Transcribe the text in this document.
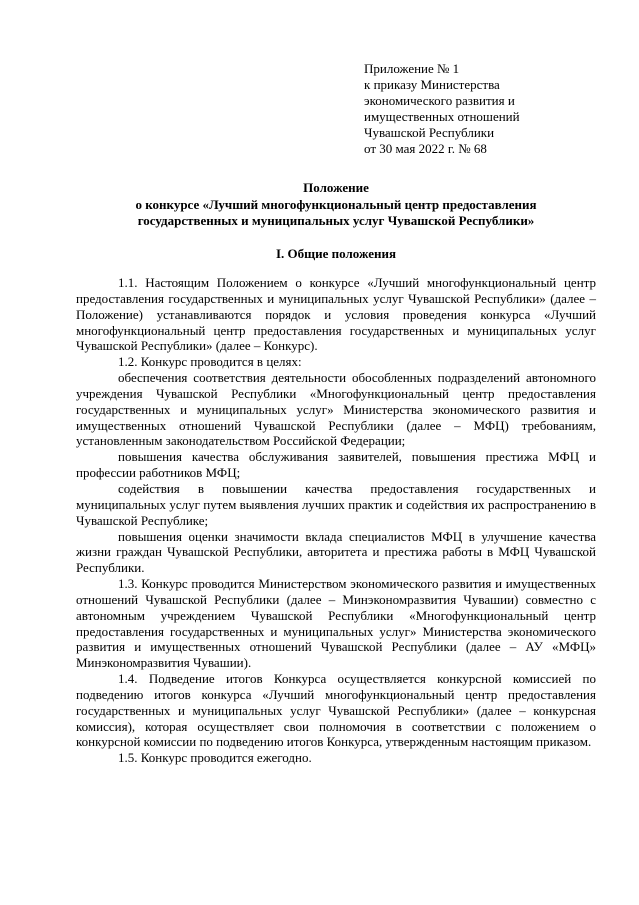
Приложение № 1
к приказу Министерства
экономического развития и
имущественных отношений
Чувашской Республики
от 30 мая 2022 г. № 68
Положение
о конкурсе «Лучший многофункциональный центр предоставления
государственных и муниципальных услуг Чувашской Республики»
I. Общие положения

1.1. Настоящим Положением о конкурсе «Лучший многофункциональный центр предоставления государственных и муниципальных услуг Чувашской Республики» (далее – Положение) устанавливаются порядок и условия проведения конкурса «Лучший многофункциональный центр предоставления государственных и муниципальных услуг Чувашской Республики» (далее – Конкурс).

1.2. Конкурс проводится в целях:

обеспечения соответствия деятельности обособленных подразделений автономного учреждения Чувашской Республики «Многофункциональный центр предоставления государственных и муниципальных услуг» Министерства экономического развития и имущественных отношений Чувашской Республики (далее – МФЦ) требованиям, установленным законодательством Российской Федерации;

повышения качества обслуживания заявителей, повышения престижа МФЦ и профессии работников МФЦ;

содействия в повышении качества предоставления государственных и муниципальных услуг путем выявления лучших практик и содействия их распространению в Чувашской Республике;

повышения оценки значимости вклада специалистов МФЦ в улучшение качества жизни граждан Чувашской Республики, авторитета и престижа работы в МФЦ Чувашской Республики.

1.3. Конкурс проводится Министерством экономического развития и имущественных отношений Чувашской Республики (далее – Минэкономразвития Чувашии) совместно с автономным учреждением Чувашской Республики «Многофункциональный центр предоставления государственных и муниципальных услуг» Министерства экономического развития и имущественных отношений Чувашской Республики (далее – АУ «МФЦ» Минэкономразвития Чувашии).

1.4. Подведение итогов Конкурса осуществляется конкурсной комиссией по подведению итогов конкурса «Лучший многофункциональный центр предоставления государственных и муниципальных услуг Чувашской Республики» (далее – конкурсная комиссия), которая осуществляет свои полномочия в соответствии с положением о конкурсной комиссии по подведению итогов Конкурса, утвержденным настоящим приказом.

1.5. Конкурс проводится ежегодно.
